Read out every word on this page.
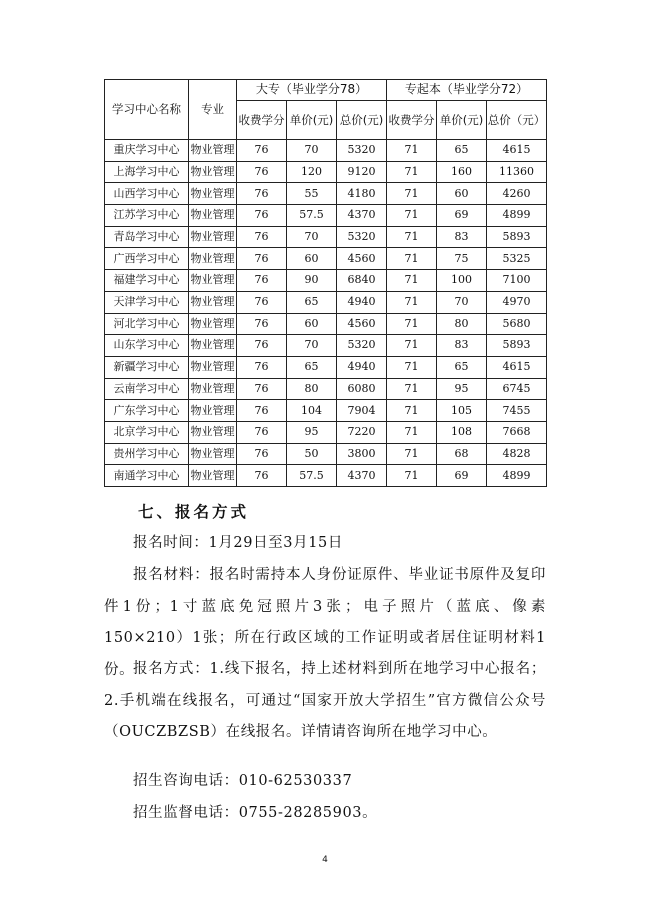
学习中心名称	专业	大专（毕业学分78）			专起本（毕业学分72）		
		收费学分	单价(元)	总价(元)	收费学分	单价(元)	总价（元）
重庆学习中心	物业管理	76	70	5320	71	65	4615
上海学习中心	物业管理	76	120	9120	71	160	11360
山西学习中心	物业管理	76	55	4180	71	60	4260
江苏学习中心	物业管理	76	57.5	4370	71	69	4899
青岛学习中心	物业管理	76	70	5320	71	83	5893
广西学习中心	物业管理	76	60	4560	71	75	5325
福建学习中心	物业管理	76	90	6840	71	100	7100
天津学习中心	物业管理	76	65	4940	71	70	4970
河北学习中心	物业管理	76	60	4560	71	80	5680
山东学习中心	物业管理	76	70	5320	71	83	5893
新疆学习中心	物业管理	76	65	4940	71	65	4615
云南学习中心	物业管理	76	80	6080	71	95	6745
广东学习中心	物业管理	76	104	7904	71	105	7455
北京学习中心	物业管理	76	95	7220	71	108	7668
贵州学习中心	物业管理	76	50	3800	71	68	4828
南通学习中心	物业管理	76	57.5	4370	71	69	4899
七、报名方式

报名时间：1月29日至3月15日

报名材料：报名时需持本人身份证原件、毕业证书原件及复印件1份；1寸蓝底免冠照片3张；电子照片（蓝底、像素 150×210）1张；所在行政区域的工作证明或者居住证明材料1份。

报名方式：1.线下报名，持上述材料到所在地学习中心报名；2.手机端在线报名，可通过“国家开放大学招生”官方微信公众号（OUCZBZSB）在线报名。详情请咨询所在地学习中心。

招生咨询电话：010-62530337

招生监督电话：0755-28285903。

4
